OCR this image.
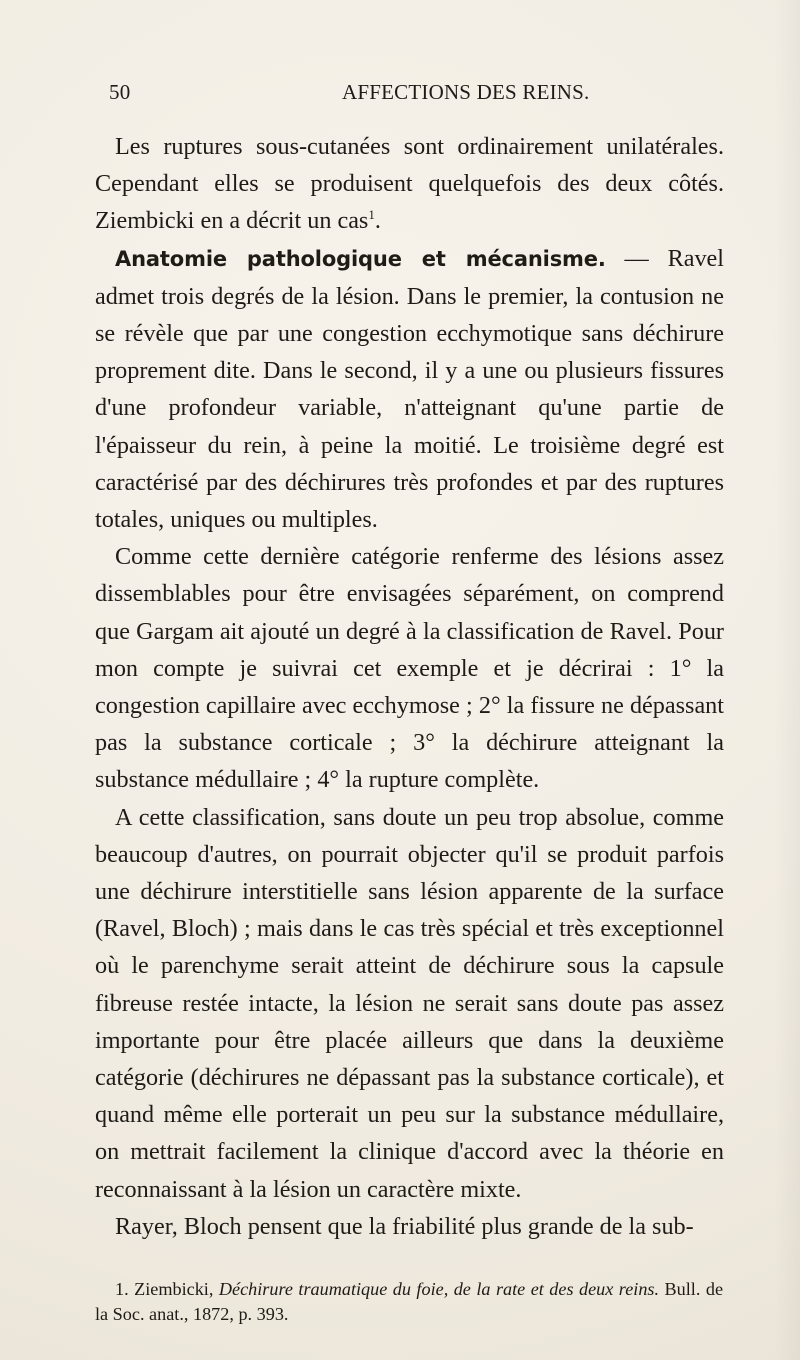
50	AFFECTIONS DES REINS.

Les ruptures sous-cutanées sont ordinairement unilatérales. Cependant elles se produisent quelquefois des deux côtés. Ziembicki en a décrit un cas$^1$.

Anatomie pathologique et mécanisme. — Ravel admet trois degrés de la lésion. Dans le premier, la contusion ne se révèle que par une congestion ecchymotique sans déchirure proprement dite. Dans le second, il y a une ou plusieurs fissures d'une profondeur variable, n'atteignant qu'une partie de l'épaisseur du rein, à peine la moitié. Le troisième degré est caractérisé par des déchirures très profondes et par des ruptures totales, uniques ou multiples.

Comme cette dernière catégorie renferme des lésions assez dissemblables pour être envisagées séparément, on comprend que Gargam ait ajouté un degré à la classification de Ravel. Pour mon compte je suivrai cet exemple et je décrirai : 1° la congestion capillaire avec ecchymose ; 2° la fissure ne dépassant pas la substance corticale ; 3° la déchirure atteignant la substance médullaire ; 4° la rupture complète.

A cette classification, sans doute un peu trop absolue, comme beaucoup d'autres, on pourrait objecter qu'il se produit parfois une déchirure interstitielle sans lésion apparente de la surface (Ravel, Bloch) ; mais dans le cas très spécial et très exceptionnel où le parenchyme serait atteint de déchirure sous la capsule fibreuse restée intacte, la lésion ne serait sans doute pas assez importante pour être placée ailleurs que dans la deuxième catégorie (déchirures ne dépassant pas la substance corticale), et quand même elle porterait un peu sur la substance médullaire, on mettrait facilement la clinique d'accord avec la théorie en reconnaissant à la lésion un caractère mixte.

Rayer, Bloch pensent que la friabilité plus grande de la sub-

1. Ziembicki, Déchirure traumatique du foie, de la rate et des deux reins. Bull. de la Soc. anat., 1872, p. 393.
